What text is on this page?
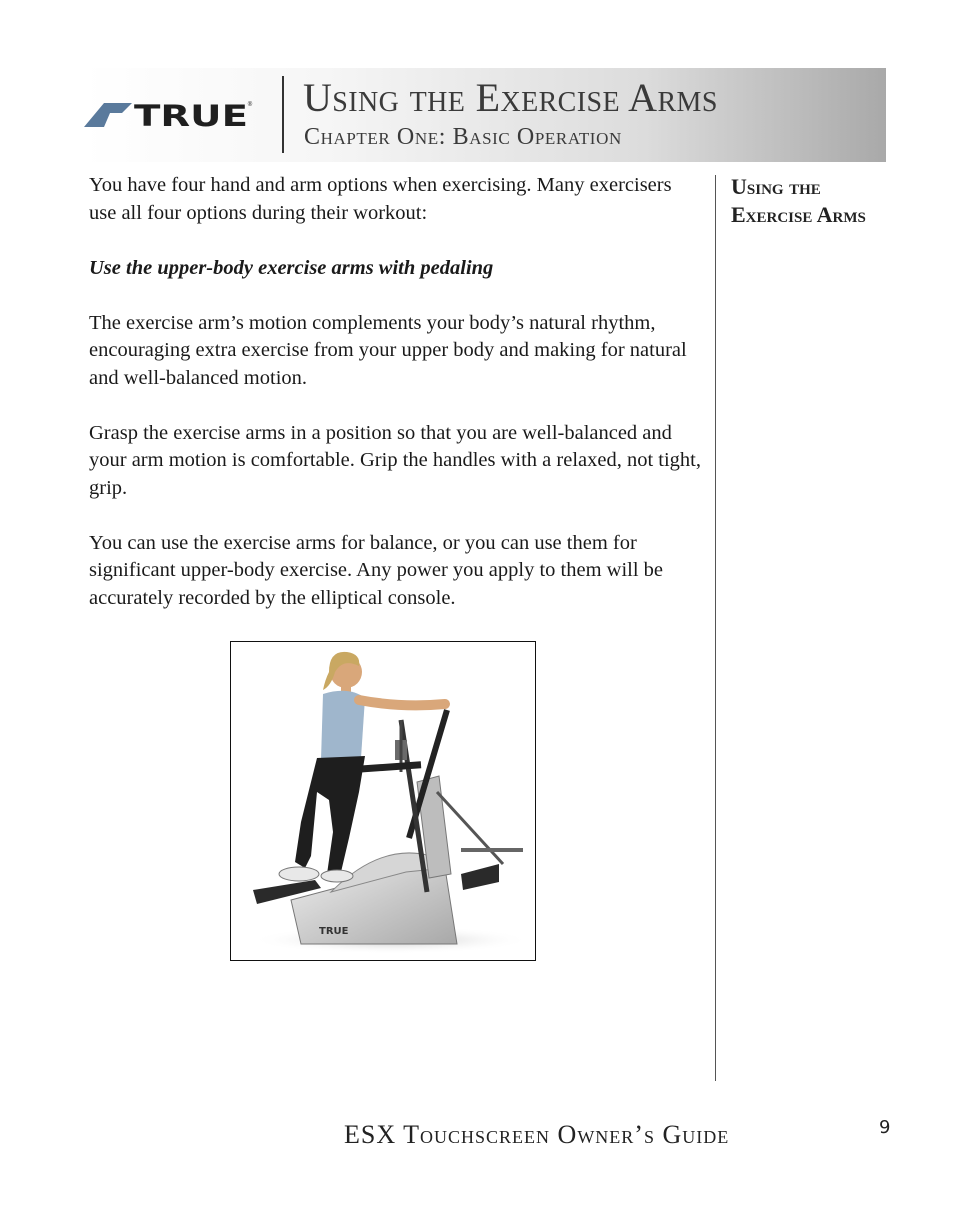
TRUE ® Using the Exercise Arms
Chapter One: Basic Operation

You have four hand and arm options when exercising. Many exercisers use all four options during their workout:

Use the upper-body exercise arms with pedaling

The exercise arm’s motion complements your body’s natural rhythm, encouraging extra exercise from your upper body and making for natural and well-balanced motion.

Grasp the exercise arms in a position so that you are well-balanced and your arm motion is comfortable. Grip the handles with a relaxed, not tight, grip.

You can use the exercise arms for balance, or you can use them for significant upper-body exercise. Any power you apply to them will be accurately recorded by the elliptical console.

TRUE
Using the Exercise Arms
ESX Touchscreen Owner’s Guide	9
